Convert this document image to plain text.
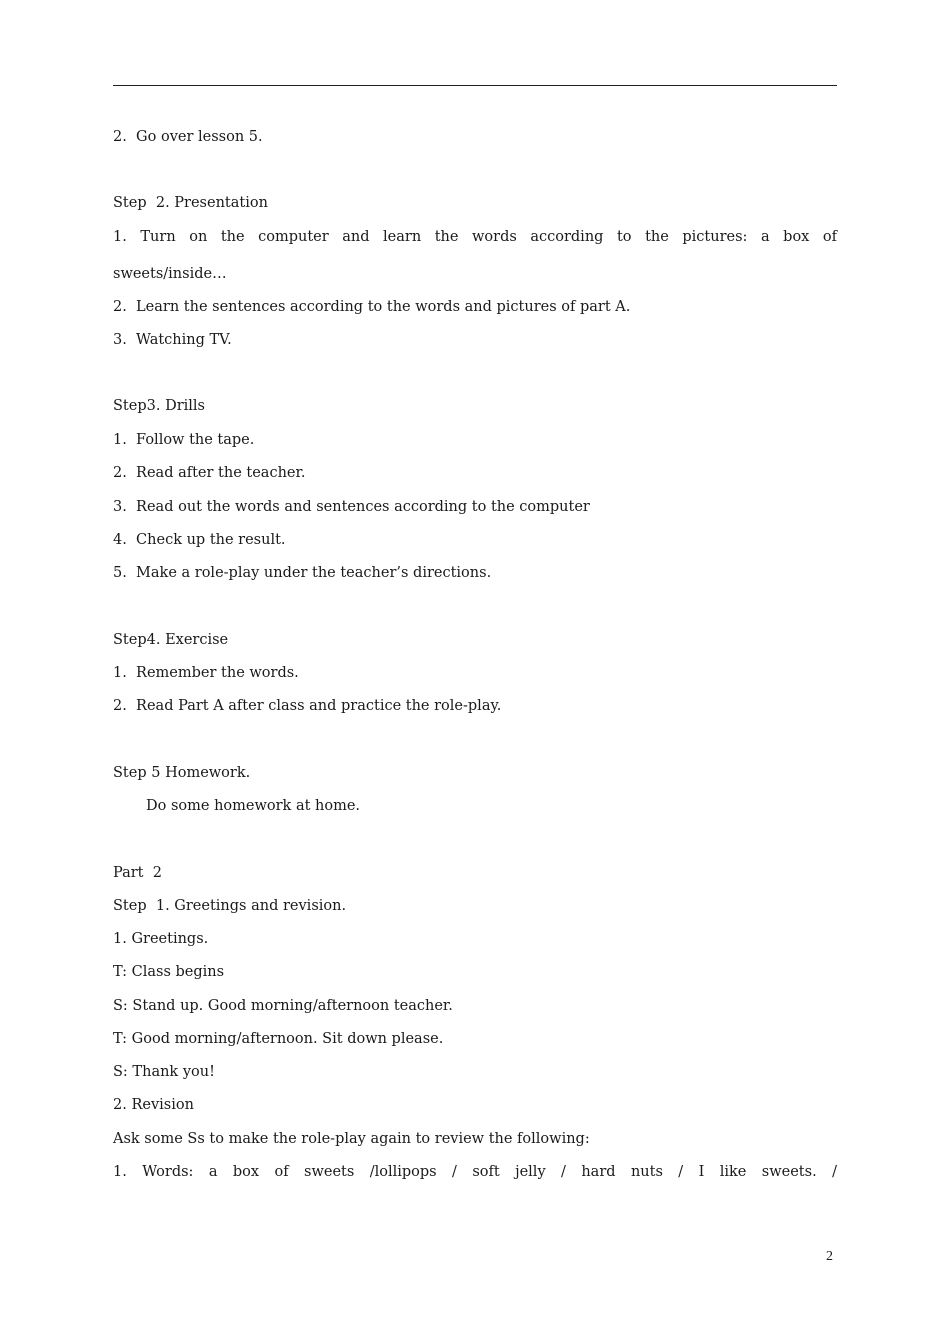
2.  Go over lesson 5.
Step  2. Presentation
1. Turn on the computer and learn the words according to the pictures: a box of
sweets/inside…
2.  Learn the sentences according to the words and pictures of part A.
3.  Watching TV.
Step3. Drills
1.  Follow the tape.
2.  Read after the teacher.
3.  Read out the words and sentences according to the computer
4.  Check up the result.
5.  Make a role-play under the teacher’s directions.
Step4. Exercise
1.  Remember the words.
2.  Read Part A after class and practice the role-play.
Step 5 Homework.
Do some homework at home.
Part  2
Step  1. Greetings and revision.
1. Greetings.
T: Class begins
S: Stand up. Good morning/afternoon teacher.
T: Good morning/afternoon. Sit down please.
S: Thank you!
2. Revision
Ask some Ss to make the role-play again to review the following:
1. Words: a box of sweets /lollipops / soft jelly / hard nuts / I like sweets. /
2
